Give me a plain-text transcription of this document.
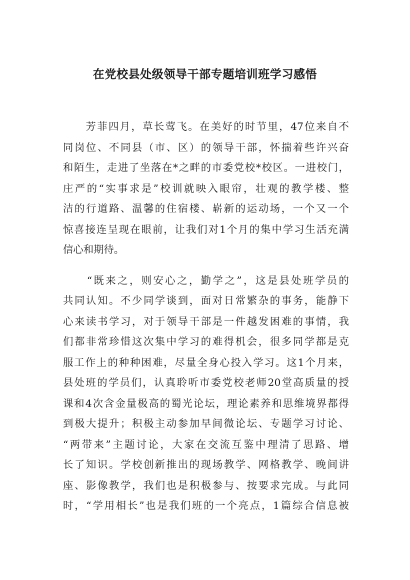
在党校县处级领导干部专题培训班学习感悟
　　芳菲四月，草长莺飞。在美好的时节里，47位来自不
同岗位、不同县（市、区）的领导干部，怀揣着些许兴奋
和陌生，走进了坐落在*之畔的市委党校*校区。一进校门，
庄严的“实事求是”校训就映入眼帘，壮观的教学楼、整
洁的行道路、温馨的住宿楼、崭新的运动场，一个又一个
惊喜接连呈现在眼前，让我们对1个月的集中学习生活充满
信心和期待。
　　“既来之，则安心之，勤学之”，这是县处班学员的
共同认知。不少同学谈到，面对日常繁杂的事务，能静下
心来读书学习，对于领导干部是一件越发困难的事情，我
们都非常珍惜这次集中学习的难得机会，很多同学都是克
服工作上的种种困难，尽量全身心投入学习。这1个月来，
县处班的学员们，认真聆听市委党校老师20堂高质量的授
课和4次含金量极高的蜀光论坛，理论素养和思维境界都得
到极大提升；积极主动参加早间微论坛、专题学习讨论、
“两带来”主题讨论，大家在交流互鉴中理清了思路、增
长了知识。学校创新推出的现场教学、网格教学、晚间讲
座、影像教学，我们也是积极参与、按要求完成。与此同
时，“学用相长”也是我们班的一个亮点，1篇综合信息被
